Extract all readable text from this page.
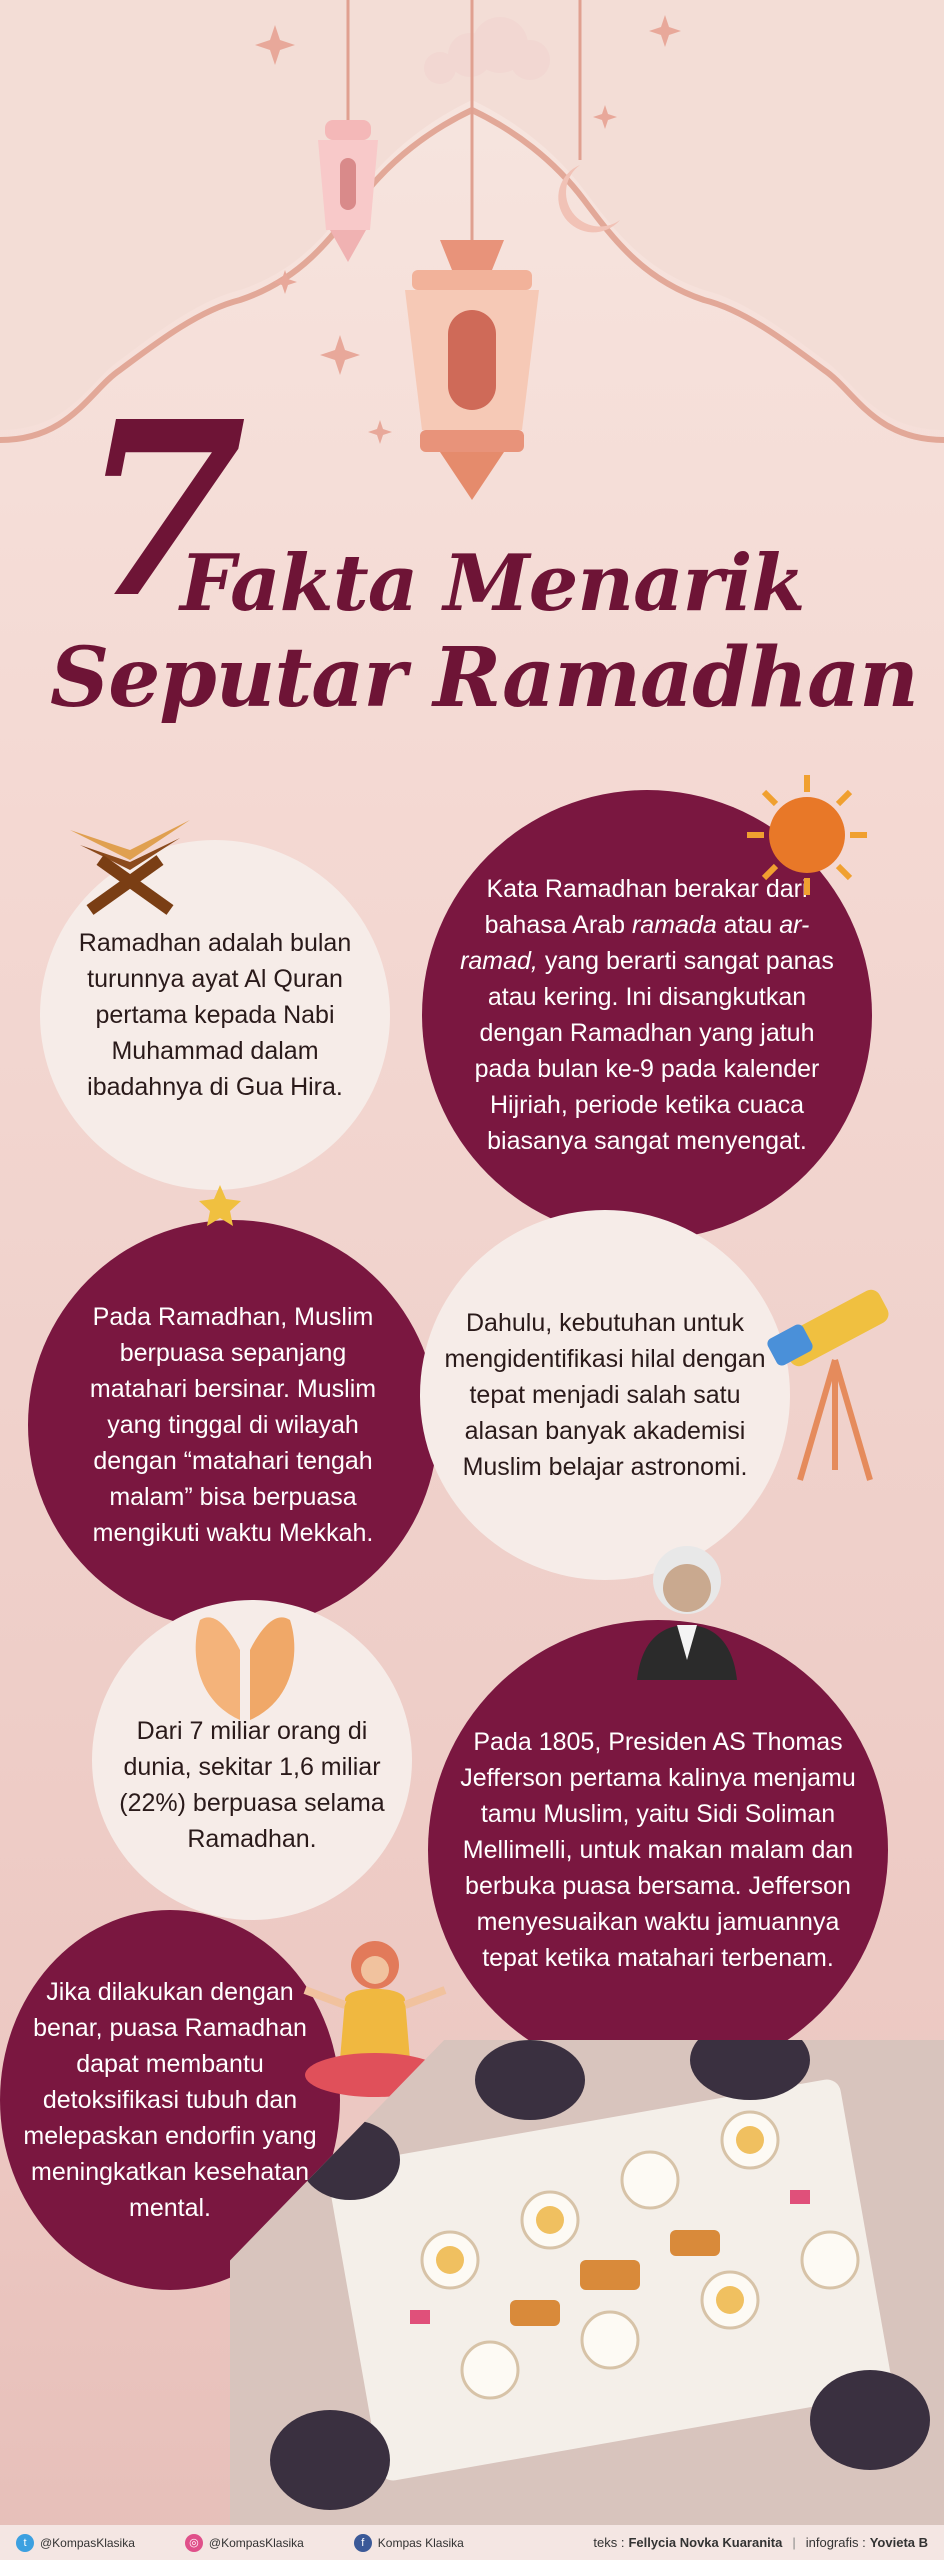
7
Fakta Menarik
Seputar Ramadhan
Ramadhan adalah bulan turunnya ayat Al Quran pertama kepada Nabi Muhammad dalam ibadahnya di Gua Hira.
Kata Ramadhan berakar dari bahasa Arab ramada atau ar-ramad, yang berarti sangat panas atau kering. Ini disangkutkan dengan Ramadhan yang jatuh pada bulan ke-9 pada kalender Hijriah, periode ketika cuaca biasanya sangat menyengat.
Pada Ramadhan, Muslim berpuasa sepanjang matahari bersinar. Muslim yang tinggal di wilayah dengan “matahari tengah malam” bisa berpuasa mengikuti waktu Mekkah.
Dahulu, kebutuhan untuk mengidentifikasi hilal dengan tepat menjadi salah satu alasan banyak akademisi Muslim belajar astronomi.
Dari 7 miliar orang di dunia, sekitar 1,6 miliar (22%) berpuasa selama Ramadhan.
Pada 1805, Presiden AS Thomas Jefferson pertama kalinya menjamu tamu Muslim, yaitu Sidi Soliman Mellimelli, untuk makan malam dan berbuka puasa bersama. Jefferson menyesuaikan waktu jamuannya tepat ketika matahari terbenam.
Jika dilakukan dengan benar, puasa Ramadhan dapat membantu detoksifikasi tubuh dan melepaskan endorfin yang meningkatkan kesehatan mental.
t	@KompasKlasika	◎ @KompasKlasika	f	Kompas Klasika	teks : Fellycia Novka Kuaranita | infografis : Yovieta B
